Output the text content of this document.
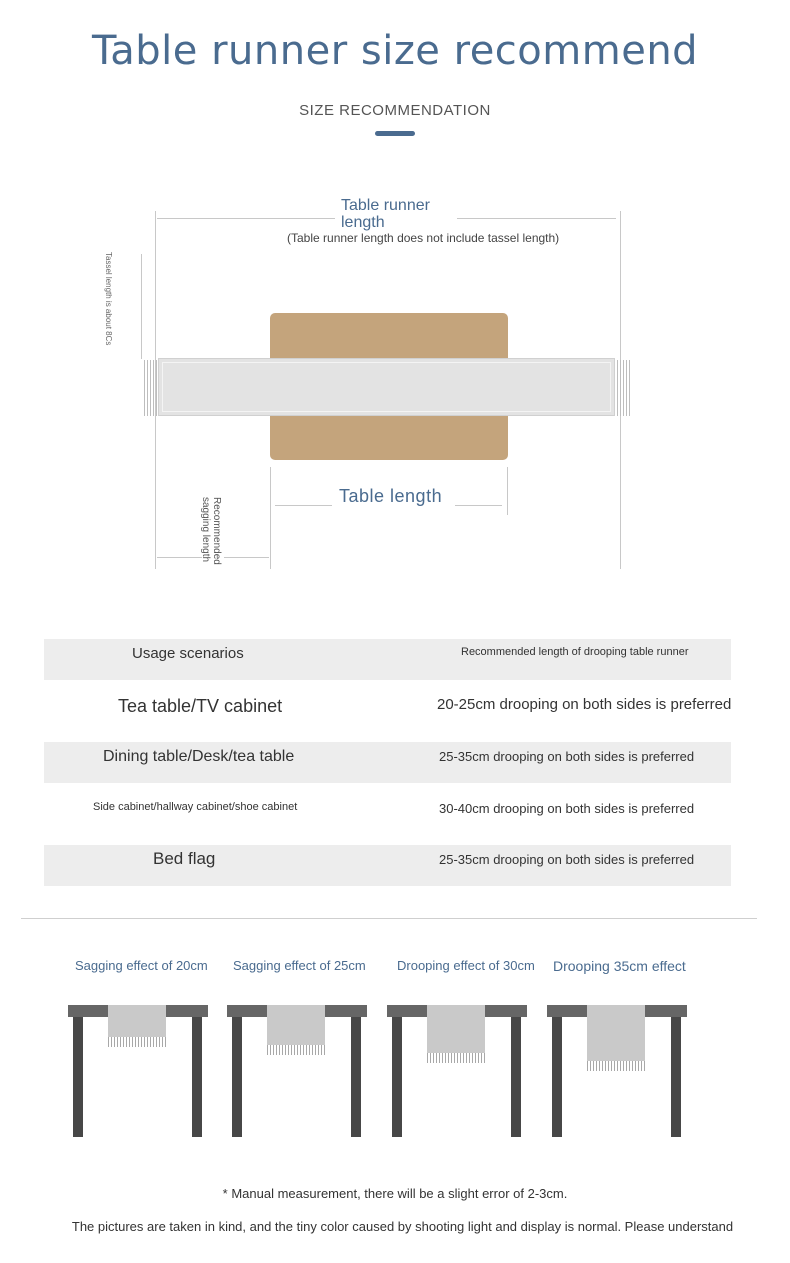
Table runner size recommend
SIZE RECOMMENDATION
Table runner length
(Table runner length does not include tassel length)
Tassel length is about 8Cs
Table length
Recommended sagging length
Usage scenarios	Recommended length of drooping table runner
Tea table/TV cabinet	20-25cm drooping on both sides is preferred
Dining table/Desk/tea table	25-35cm drooping on both sides is preferred
Side cabinet/hallway cabinet/shoe cabinet	30-40cm drooping on both sides is preferred
Bed flag	25-35cm drooping on both sides is preferred
Sagging effect of 20cm Sagging effect of 25cm Drooping effect of 30cm Drooping 35cm effect
* Manual measurement, there will be a slight error of 2-3cm.
The pictures are taken in kind, and the tiny color caused by shooting light and display is normal. Please understand
